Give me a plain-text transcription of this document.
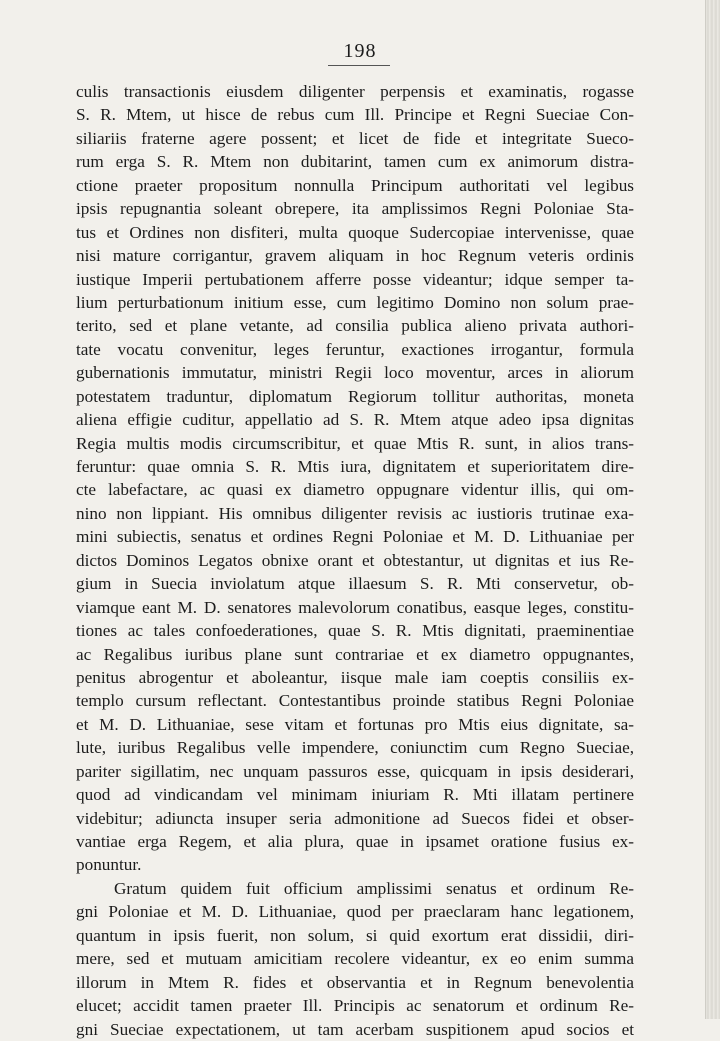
198
culis transactionis eiusdem diligenter perpensis et examinatis, rogasse
S. R. Mtem, ut hisce de rebus cum Ill. Principe et Regni Sueciae Con-
siliariis fraterne agere possent; et licet de fide et integritate Sueco-
rum erga S. R. Mtem non dubitarint, tamen cum ex animorum distra-
ctione praeter propositum nonnulla Principum authoritati vel legibus
ipsis repugnantia soleant obrepere, ita amplissimos Regni Poloniae Sta-
tus et Ordines non disfiteri, multa quoque Sudercopiae intervenisse, quae
nisi mature corrigantur, gravem aliquam in hoc Regnum veteris ordinis
iustique Imperii pertubationem afferre posse videantur; idque semper ta-
lium perturbationum initium esse, cum legitimo Domino non solum prae-
terito, sed et plane vetante, ad consilia publica alieno privata authori-
tate vocatu convenitur, leges feruntur, exactiones irrogantur, formula
gubernationis immutatur, ministri Regii loco moventur, arces in aliorum
potestatem traduntur, diplomatum Regiorum tollitur authoritas, moneta
aliena effigie cuditur, appellatio ad S. R. Mtem atque adeo ipsa dignitas
Regia multis modis circumscribitur, et quae Mtis R. sunt, in alios trans-
feruntur: quae omnia S. R. Mtis iura, dignitatem et superioritatem dire-
cte labefactare, ac quasi ex diametro oppugnare videntur illis, qui om-
nino non lippiant. His omnibus diligenter revisis ac iustioris trutinae exa-
mini subiectis, senatus et ordines Regni Poloniae et M. D. Lithuaniae per
dictos Dominos Legatos obnixe orant et obtestantur, ut dignitas et ius Re-
gium in Suecia inviolatum atque illaesum S. R. Mti conservetur, ob-
viamque eant M. D. senatores malevolorum conatibus, easque leges, constitu-
tiones ac tales confoederationes, quae S. R. Mtis dignitati, praeminentiae
ac Regalibus iuribus plane sunt contrariae et ex diametro oppugnantes,
penitus abrogentur et aboleantur, iisque male iam coeptis consiliis ex-
templo cursum reflectant. Contestantibus proinde statibus Regni Poloniae
et M. D. Lithuaniae, sese vitam et fortunas pro Mtis eius dignitate, sa-
lute, iuribus Regalibus velle impendere, coniunctim cum Regno Sueciae,
pariter sigillatim, nec unquam passuros esse, quicquam in ipsis desiderari,
quod ad vindicandam vel minimam iniuriam R. Mti illatam pertinere
videbitur; adiuncta insuper seria admonitione ad Suecos fidei et obser-
vantiae erga Regem, et alia plura, quae in ipsamet oratione fusius ex-
ponuntur.
Gratum quidem fuit officium amplissimi senatus et ordinum Re-
gni Poloniae et M. D. Lithuaniae, quod per praeclaram hanc legationem,
quantum in ipsis fuerit, non solum, si quid exortum erat dissidii, diri-
mere, sed et mutuam amicitiam recolere videantur, ex eo enim summa
illorum in Mtem R. fides et observantia et in Regnum benevolentia
elucet; accidit tamen praeter Ill. Principis ac senatorum et ordinum Re-
gni Sueciae expectationem, ut tam acerbam suspitionem apud socios et
